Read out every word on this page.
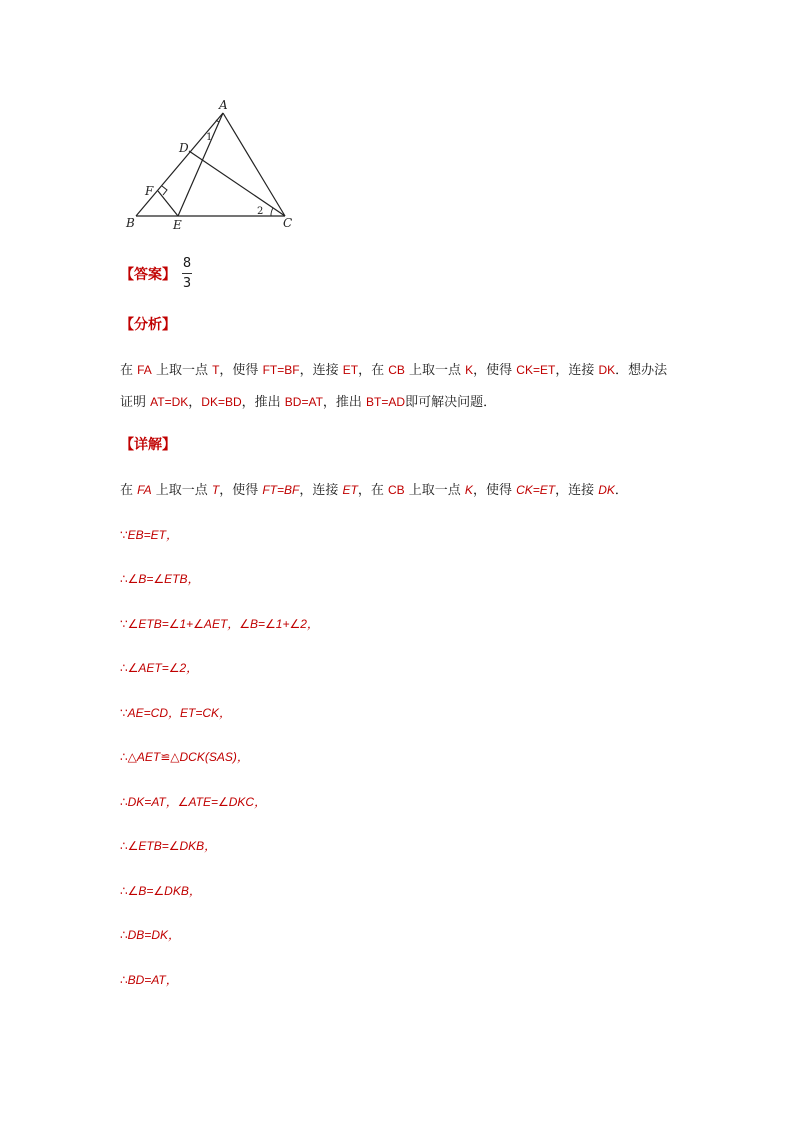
A
B	C
D
E
F
1
2
【答案】 $\frac{8}{3}$
【分析】
在 FA 上取一点 T，使得 FT=BF，连接 ET，在 CB 上取一点 K，使得 CK=ET，连接 DK．想办法
证明 AT=DK，DK=BD，推出 BD=AT，推出 BT=AD即可解决问题．
【详解】
在 FA 上取一点 T，使得 FT=BF，连接 ET，在 CB 上取一点 K，使得 CK=ET，连接 DK．
∵EB=ET，
∴∠B=∠ETB，
∵∠ETB=∠1+∠AET，∠B=∠1+∠2，
∴∠AET=∠2，
∵AE=CD，ET=CK，
∴△AET≌△DCK(SAS)，
∴DK=AT，∠ATE=∠DKC，
∴∠ETB=∠DKB，
∴∠B=∠DKB，
∴DB=DK，
∴BD=AT，
